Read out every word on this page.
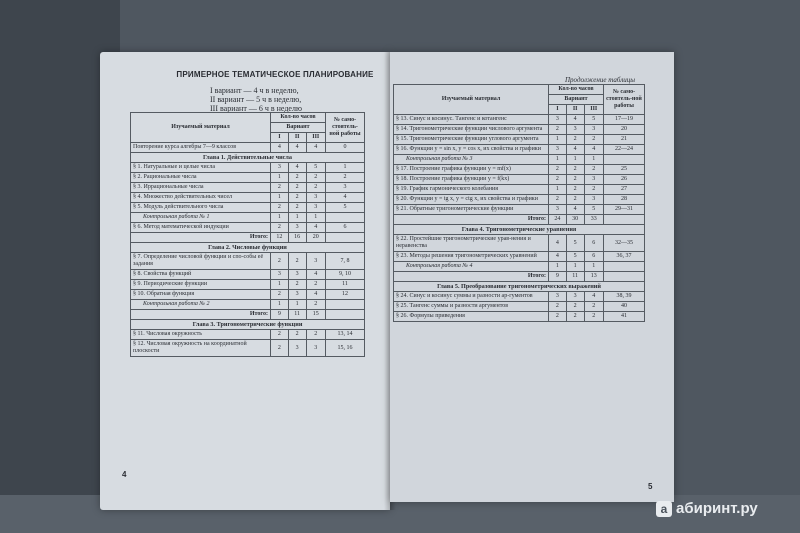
ПРИМЕРНОЕ ТЕМАТИЧЕСКОЕ ПЛАНИРОВАНИЕ
I вариант — 4 ч в неделю,
II вариант — 5 ч в неделю,
III вариант — 6 ч в неделю
Изучаемый материал	Кол-во часов			№ само-стоятель-ной работы
	Вариант			
	I	II	III	
Повторение курса алгебры 7—9 классов	4	4	4	0
Глава 1. Действительные числа				
§ 1. Натуральные и целые числа	3	4	5	1
§ 2. Рациональные числа	1	2	2	2
§ 3. Иррациональные числа	2	2	2	3
§ 4. Множество действительных чисел	1	2	3	4
§ 5. Модуль действительного числа	2	2	3	5
Контрольная работа № 1	1	1	1	
§ 6. Метод математической индукции	2	3	4	6
Итого:	12	16	20	
Глава 2. Числовые функции				
§ 7. Определение числовой функции и спо-собы её задания	2	2	3	7, 8
§ 8. Свойства функций	3	3	4	9, 10
§ 9. Периодические функции	1	2	2	11
§ 10. Обратная функция	2	3	4	12
Контрольная работа № 2	1	1	2	
Итого:	9	11	15	
Глава 3. Тригонометрические функции				
§ 11. Числовая окружность	2	2	2	13, 14
§ 12. Числовая окружность на координатной плоскости	2	3	3	15, 16
4
Продолжение таблицы
Изучаемый материал	Кол-во часов			№ само-стоятель-ной работы
	Вариант			
	I	II	III	
§ 13. Синус и косинус. Тангенс и котангенс	3	4	5	17—19
§ 14. Тригонометрические функции числового аргумента	2	3	3	20
§ 15. Тригонометрические функции углового аргумента	1	2	2	21
§ 16. Функции y = sin x, y = cos x, их свойства и графики	3	4	4	22—24
Контрольная работа № 3	1	1	1	
§ 17. Построение графика функции y = mf(x)	2	2	2	25
§ 18. Построение графика функции y = f(kx)	2	2	3	26
§ 19. График гармонического колебания	1	2	2	27
§ 20. Функции y = tg x, y = ctg x, их свойства и графики	2	2	3	28
§ 21. Обратные тригонометрические функции	3	4	5	29—31
Итого:	24	30	33	
Глава 4. Тригонометрические уравнения				
§ 22. Простейшие тригонометрические урав-нения и неравенства	4	5	6	32—35
§ 23. Методы решения тригонометрических уравнений	4	5	6	36, 37
Контрольная работа № 4	1	1	1	
Итого:	9	11	13	
Глава 5. Преобразование тригонометрических выражений				
§ 24. Синус и косинус суммы и разности ар-гументов	3	3	4	38, 39
§ 25. Тангенс суммы и разности аргументов	2	2	2	40
§ 26. Формулы приведения	2	2	2	41
5
a абиринт.ру
